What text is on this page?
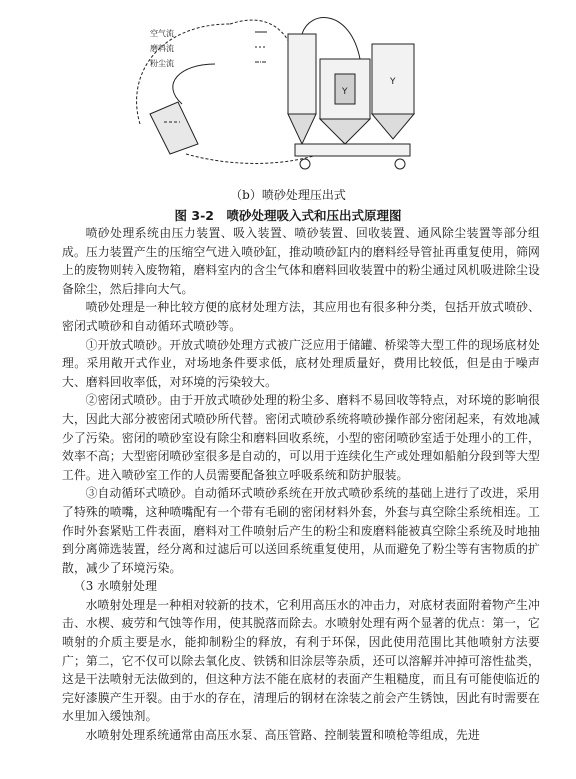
Y
Y
空气流
磨料流
粉尘流
（b）喷砂处理压出式
图 3-2　喷砂处理吸入式和压出式原理图

喷砂处理系统由压力装置、吸入装置、喷砂装置、回收装置、通风除尘装置等部分组成。压力装置产生的压缩空气进入喷砂缸，推动喷砂缸内的磨料经导管扯再重复使用，筛网上的废物则转入废物箱，磨料室内的含尘气体和磨料回收装置中的粉尘通过风机吸进除尘设备除尘，然后排向大气。

喷砂处理是一种比较方便的底材处理方法，其应用也有很多种分类，包括开放式喷砂、密闭式喷砂和自动循环式喷砂等。

①开放式喷砂。开放式喷砂处理方式被广泛应用于储罐、桥梁等大型工件的现场底材处理。采用敞开式作业，对场地条件要求低，底材处理质量好，费用比较低，但是由于噪声大、磨料回收率低，对环境的污染较大。

②密闭式喷砂。由于开放式喷砂处理的粉尘多、磨料不易回收等特点，对环境的影响很大，因此大部分被密闭式喷砂所代替。密闭式喷砂系统将喷砂操作部分密闭起来，有效地减少了污染。密闭的喷砂室设有除尘和磨料回收系统，小型的密闭喷砂室适于处理小的工件，效率不高；大型密闭喷砂室很多是自动的，可以用于连续化生产或处理如船舶分段到等大型工件。进入喷砂室工作的人员需要配备独立呼吸系统和防护服装。

③自动循环式喷砂。自动循环式喷砂系统在开放式喷砂系统的基础上进行了改进，采用了特殊的喷嘴，这种喷嘴配有一个带有毛刷的密闭材料外套，外套与真空除尘系统相连。工作时外套紧贴工件表面，磨料对工件喷射后产生的粉尘和废磨料能被真空除尘系统及时地抽到分离筛选装置，经分离和过滤后可以送回系统重复使用，从而避免了粉尘等有害物质的扩散，减少了环境污染。

（3 水喷射处理

水喷射处理是一种相对较新的技术，它利用高压水的冲击力，对底材表面附着物产生冲击、水楔、疲劳和气蚀等作用，使其脱落而除去。水喷射处理有两个显著的优点：第一，它喷射的介质主要是水，能抑制粉尘的释放，有利于环保，因此使用范围比其他喷射方法要广；第二，它不仅可以除去氧化皮、铁锈和旧涂层等杂质，还可以溶解并冲掉可溶性盐类，这是干法喷射无法做到的，但这种方法不能在底材的表面产生粗糙度，而且有可能使临近的完好漆膜产生开裂。由于水的存在，清理后的钢材在涂装之前会产生锈蚀，因此有时需要在水里加入缓蚀剂。

水喷射处理系统通常由高压水泵、高压管路、控制装置和喷枪等组成，先进
